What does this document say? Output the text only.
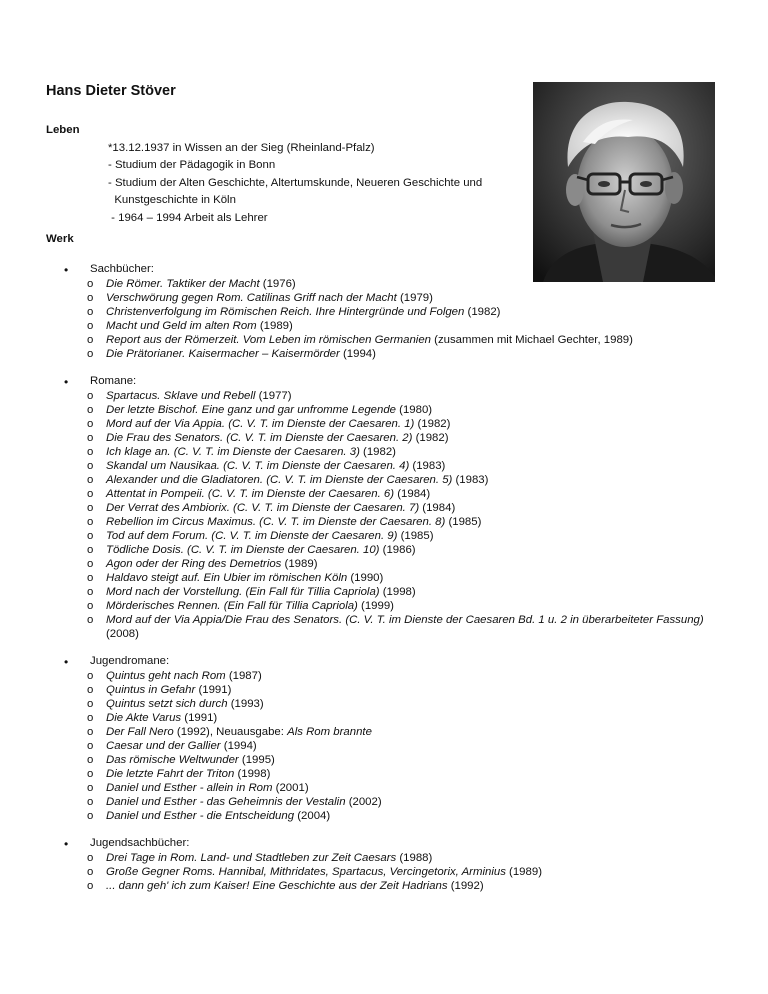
Hans Dieter Stöver
Leben
*13.12.1937 in Wissen an der Sieg (Rheinland-Pfalz)
- Studium der Pädagogik in Bonn
- Studium der Alten Geschichte, Altertumskunde, Neueren Geschichte und
Kunstgeschichte in Köln
- 1964 – 1994 Arbeit als Lehrer
Werk
• Sachbücher:
o Die Römer. Taktiker der Macht (1976)
o Verschwörung gegen Rom. Catilinas Griff nach der Macht (1979)
o Christenverfolgung im Römischen Reich. Ihre Hintergründe und Folgen (1982)
o Macht und Geld im alten Rom (1989)
o Report aus der Römerzeit. Vom Leben im römischen Germanien (zusammen mit Michael Gechter, 1989)
o Die Prätorianer. Kaisermacher – Kaisermörder (1994)
• Romane:
o Spartacus. Sklave und Rebell (1977)
o Der letzte Bischof. Eine ganz und gar unfromme Legende (1980)
o Mord auf der Via Appia. (C. V. T. im Dienste der Caesaren. 1) (1982)
o Die Frau des Senators. (C. V. T. im Dienste der Caesaren. 2) (1982)
o Ich klage an. (C. V. T. im Dienste der Caesaren. 3) (1982)
o Skandal um Nausikaa. (C. V. T. im Dienste der Caesaren. 4) (1983)
o Alexander und die Gladiatoren. (C. V. T. im Dienste der Caesaren. 5) (1983)
o Attentat in Pompeii. (C. V. T. im Dienste der Caesaren. 6) (1984)
o Der Verrat des Ambiorix. (C. V. T. im Dienste der Caesaren. 7) (1984)
o Rebellion im Circus Maximus. (C. V. T. im Dienste der Caesaren. 8) (1985)
o Tod auf dem Forum. (C. V. T. im Dienste der Caesaren. 9) (1985)
o Tödliche Dosis. (C. V. T. im Dienste der Caesaren. 10) (1986)
o Agon oder der Ring des Demetrios (1989)
o Haldavo steigt auf. Ein Ubier im römischen Köln (1990)
o Mord nach der Vorstellung. (Ein Fall für Tillia Capriola) (1998)
o Mörderisches Rennen. (Ein Fall für Tillia Capriola) (1999)
o Mord auf der Via Appia/Die Frau des Senators. (C. V. T. im Dienste der Caesaren Bd. 1 u. 2 in überarbeiteter Fassung) (2008)
• Jugendromane:
o Quintus geht nach Rom (1987)
o Quintus in Gefahr (1991)
o Quintus setzt sich durch (1993)
o Die Akte Varus (1991)
o Der Fall Nero (1992), Neuausgabe: Als Rom brannte
o Caesar und der Gallier (1994)
o Das römische Weltwunder (1995)
o Die letzte Fahrt der Triton (1998)
o Daniel und Esther - allein in Rom (2001)
o Daniel und Esther - das Geheimnis der Vestalin (2002)
o Daniel und Esther - die Entscheidung (2004)
• Jugendsachbücher:
o Drei Tage in Rom. Land- und Stadtleben zur Zeit Caesars (1988)
o Große Gegner Roms. Hannibal, Mithridates, Spartacus, Vercingetorix, Arminius (1989)
o ... dann geh' ich zum Kaiser! Eine Geschichte aus der Zeit Hadrians (1992)
